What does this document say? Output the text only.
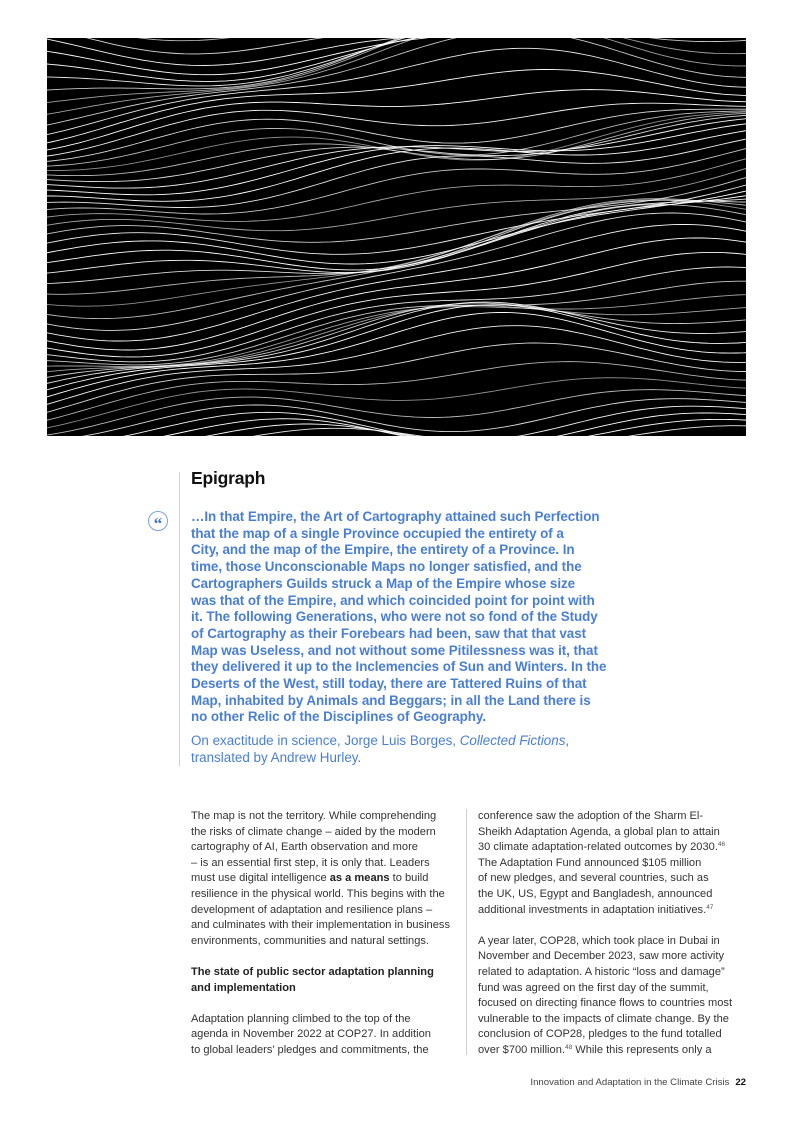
Epigraph
“	…In that Empire, the Art of Cartography attained such Perfection
that the map of a single Province occupied the entirety of a
City, and the map of the Empire, the entirety of a Province. In
time, those Unconscionable Maps no longer satisfied, and the
Cartographers Guilds struck a Map of the Empire whose size
was that of the Empire, and which coincided point for point with
it. The following Generations, who were not so fond of the Study
of Cartography as their Forebears had been, saw that that vast
Map was Useless, and not without some Pitilessness was it, that
they delivered it up to the Inclemencies of Sun and Winters. In the
Deserts of the West, still today, there are Tattered Ruins of that
Map, inhabited by Animals and Beggars; in all the Land there is
no other Relic of the Disciplines of Geography.
On exactitude in science, Jorge Luis Borges, Collected Fictions,
translated by Andrew Hurley.
The map is not the territory. While comprehending
the risks of climate change – aided by the modern
cartography of AI, Earth observation and more
– is an essential first step, it is only that. Leaders
must use digital intelligence as a means to build
resilience in the physical world. This begins with the
development of adaptation and resilience plans –
and culminates with their implementation in business
environments, communities and natural settings.
The state of public sector adaptation planning
and implementation
Adaptation planning climbed to the top of the
agenda in November 2022 at COP27. In addition
to global leaders’ pledges and commitments, the
conference saw the adoption of the Sharm El-
Sheikh Adaptation Agenda, a global plan to attain
30 climate adaptation-related outcomes by 2030.46
The Adaptation Fund announced $105 million
of new pledges, and several countries, such as
the UK, US, Egypt and Bangladesh, announced
additional investments in adaptation initiatives.$^{47}$
A year later, COP28, which took place in Dubai in
November and December 2023, saw more activity
related to adaptation. A historic “loss and damage”
fund was agreed on the first day of the summit,
focused on directing finance flows to countries most
vulnerable to the impacts of climate change. By the
conclusion of COP28, pledges to the fund totalled
over $700 million.$^{48}$ While this represents only a
Innovation and Adaptation in the Climate Crisis 22
